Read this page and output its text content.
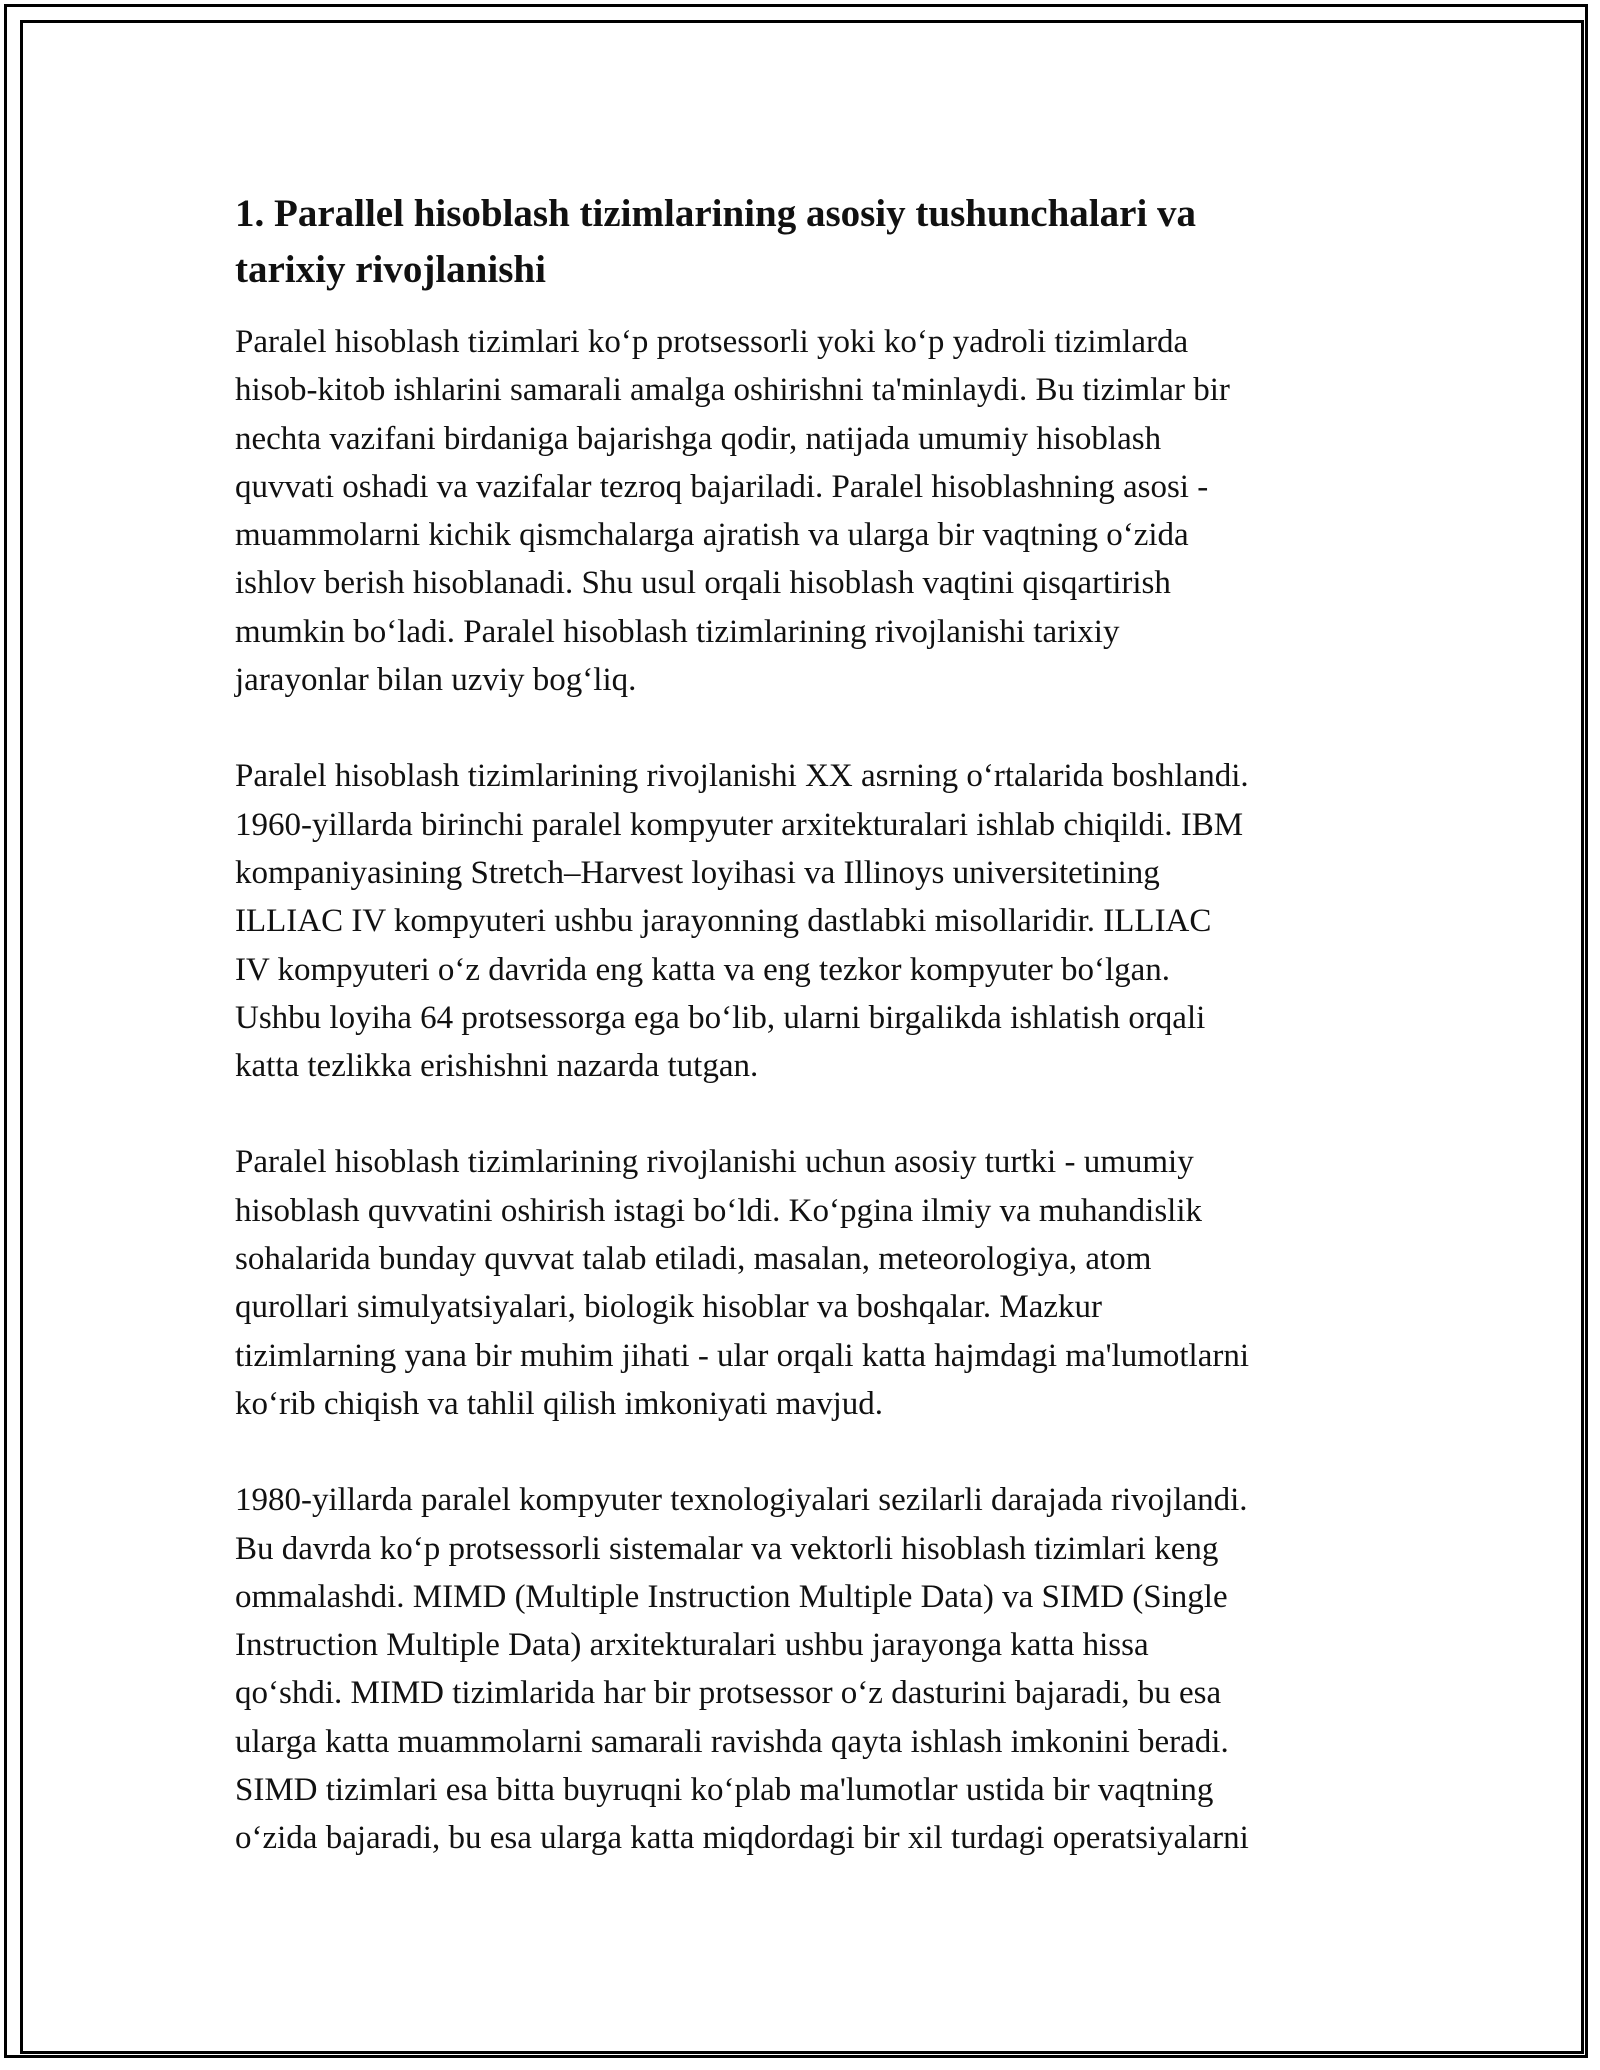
1. Parallel hisoblash tizimlarining asosiy tushunchalari va
tarixiy rivojlanishi

Paralel hisoblash tizimlari ko‘p protsessorli yoki ko‘p yadroli tizimlarda
hisob-kitob ishlarini samarali amalga oshirishni ta'minlaydi. Bu tizimlar bir
nechta vazifani birdaniga bajarishga qodir, natijada umumiy hisoblash
quvvati oshadi va vazifalar tezroq bajariladi. Paralel hisoblashning asosi -
muammolarni kichik qismchalarga ajratish va ularga bir vaqtning o‘zida
ishlov berish hisoblanadi. Shu usul orqali hisoblash vaqtini qisqartirish
mumkin bo‘ladi. Paralel hisoblash tizimlarining rivojlanishi tarixiy
jarayonlar bilan uzviy bog‘liq.

Paralel hisoblash tizimlarining rivojlanishi XX asrning o‘rtalarida boshlandi.
1960-yillarda birinchi paralel kompyuter arxitekturalari ishlab chiqildi. IBM
kompaniyasining Stretch–Harvest loyihasi va Illinoys universitetining
ILLIAC IV kompyuteri ushbu jarayonning dastlabki misollaridir. ILLIAC
IV kompyuteri o‘z davrida eng katta va eng tezkor kompyuter bo‘lgan.
Ushbu loyiha 64 protsessorga ega bo‘lib, ularni birgalikda ishlatish orqali
katta tezlikka erishishni nazarda tutgan.

Paralel hisoblash tizimlarining rivojlanishi uchun asosiy turtki - umumiy
hisoblash quvvatini oshirish istagi bo‘ldi. Ko‘pgina ilmiy va muhandislik
sohalarida bunday quvvat talab etiladi, masalan, meteorologiya, atom
qurollari simulyatsiyalari, biologik hisoblar va boshqalar. Mazkur
tizimlarning yana bir muhim jihati - ular orqali katta hajmdagi ma'lumotlarni
ko‘rib chiqish va tahlil qilish imkoniyati mavjud.

1980-yillarda paralel kompyuter texnologiyalari sezilarli darajada rivojlandi.
Bu davrda ko‘p protsessorli sistemalar va vektorli hisoblash tizimlari keng
ommalashdi. MIMD (Multiple Instruction Multiple Data) va SIMD (Single
Instruction Multiple Data) arxitekturalari ushbu jarayonga katta hissa
qo‘shdi. MIMD tizimlarida har bir protsessor o‘z dasturini bajaradi, bu esa
ularga katta muammolarni samarali ravishda qayta ishlash imkonini beradi.
SIMD tizimlari esa bitta buyruqni ko‘plab ma'lumotlar ustida bir vaqtning
o‘zida bajaradi, bu esa ularga katta miqdordagi bir xil turdagi operatsiyalarni
